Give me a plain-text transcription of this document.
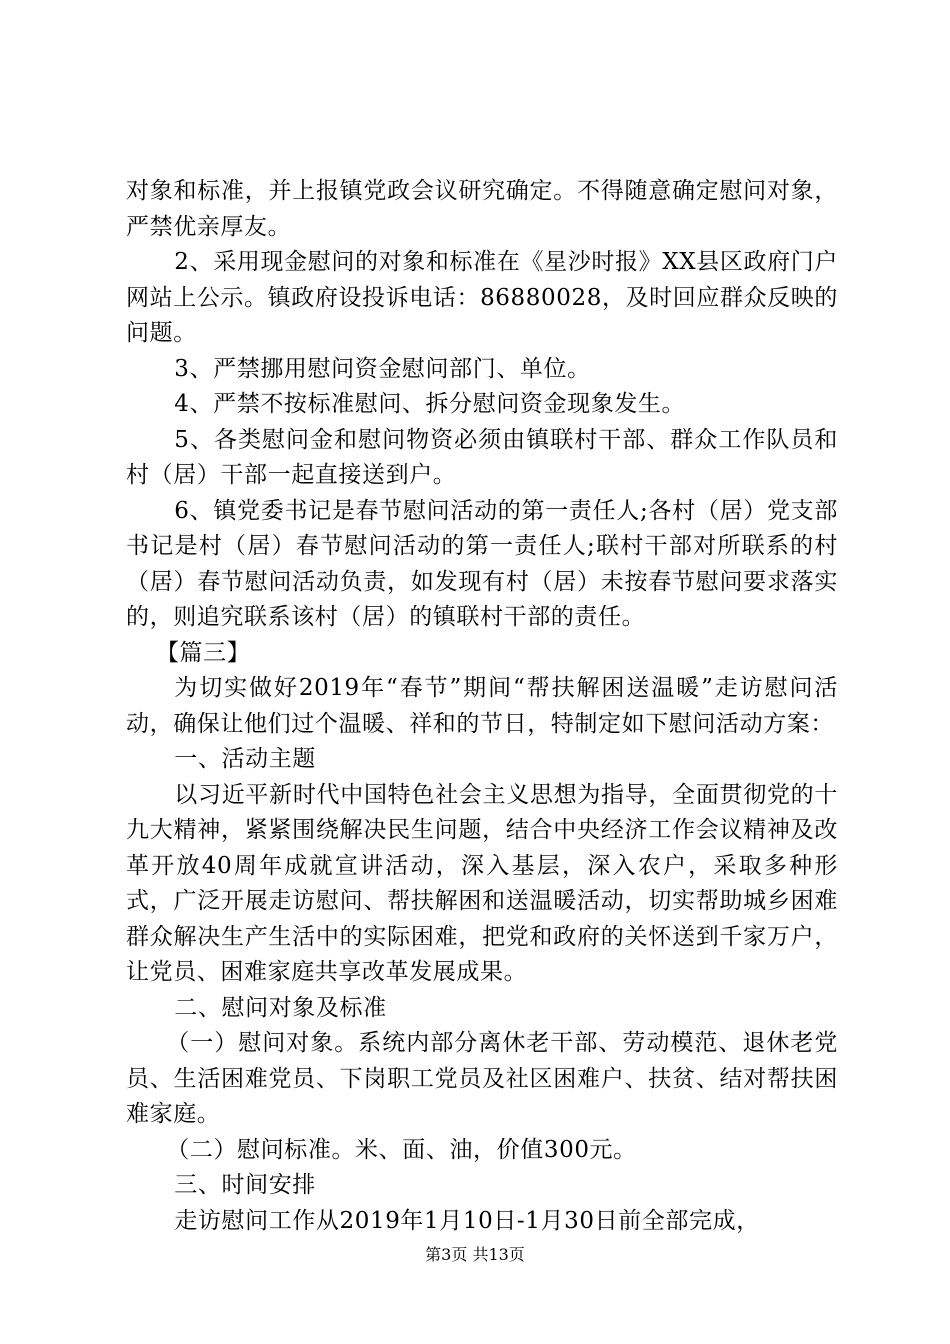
对象和标准，并上报镇党政会议研究确定。不得随意确定慰问对象，严禁优亲厚友。

2、采用现金慰问的对象和标准在《星沙时报》XX县区政府门户网站上公示。镇政府设投诉电话：86880028，及时回应群众反映的问题。

3、严禁挪用慰问资金慰问部门、单位。

4、严禁不按标准慰问、拆分慰问资金现象发生。

5、各类慰问金和慰问物资必须由镇联村干部、群众工作队员和村（居）干部一起直接送到户。

6、镇党委书记是春节慰问活动的第一责任人;各村（居）党支部书记是村（居）春节慰问活动的第一责任人;联村干部对所联系的村（居）春节慰问活动负责，如发现有村（居）未按春节慰问要求落实的，则追究联系该村（居）的镇联村干部的责任。

【篇三】

为切实做好2019年“春节”期间“帮扶解困送温暖”走访慰问活动，确保让他们过个温暖、祥和的节日，特制定如下慰问活动方案：

一、活动主题

以习近平新时代中国特色社会主义思想为指导，全面贯彻党的十九大精神，紧紧围绕解决民生问题，结合中央经济工作会议精神及改革开放40周年成就宣讲活动，深入基层，深入农户，采取多种形式，广泛开展走访慰问、帮扶解困和送温暖活动，切实帮助城乡困难群众解决生产生活中的实际困难，把党和政府的关怀送到千家万户，让党员、困难家庭共享改革发展成果。

二、慰问对象及标准

（一）慰问对象。系统内部分离休老干部、劳动模范、退休老党员、生活困难党员、下岗职工党员及社区困难户、扶贫、结对帮扶困难家庭。

（二）慰问标准。米、面、油，价值300元。

三、时间安排

走访慰问工作从2019年1月10日-1月30日前全部完成，

第3页 共13页
